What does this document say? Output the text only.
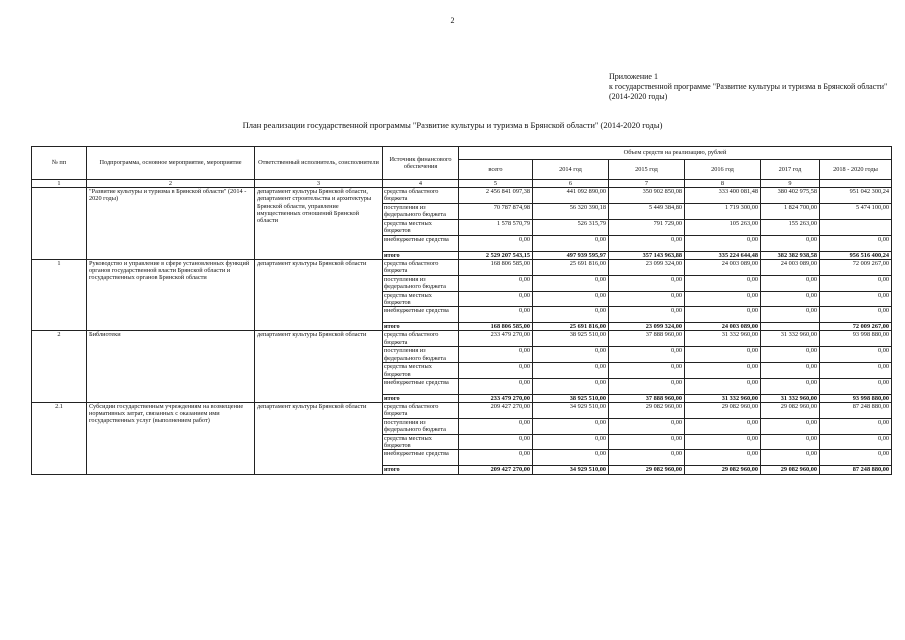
2
Приложение 1
к государственной программе "Развитие культуры и туризма в Брянской области" (2014-2020 годы)
План реализации государственной программы "Развитие культуры и туризма в Брянской области" (2014-2020 годы)
№ пп	Подпрограмма, основное мероприятие, мероприятие	Ответственный исполнитель, соисполнители	Источник финансового обеспечения	Объем средств на реализацию, рублей					
				всего	2014 год	2015 год	2016 год	2017 год	2018 - 2020 годы
1	2	3	4	5	6	7	8	9	
	"Развитие культуры и туризма в Брянской области" (2014 - 2020 годы)	департамент культуры Брянской области, департамент строительства и архитектуры Брянской области, управление имущественных отношений Брянской области	средства областного бюджета	2 456 841 097,38	441 092 890,00	350 902 850,08	333 400 081,48	380 402 975,58	951 042 300,24
			поступления из федерального бюджета	70 787 874,98	56 320 390,18	5 449 384,80	1 719 300,00	1 824 700,00	5 474 100,00
			средства местных бюджетов	1 578 570,79	526 315,79	791 729,00	105 263,00	155 263,00	
			внебюджетные средства	0,00	0,00	0,00	0,00	0,00	0,00
			итого	2 529 207 543,15	497 939 595,97	357 143 963,88	335 224 644,48	382 382 938,58	956 516 400,24
1	Руководство и управление в сфере установленных функций органов государственной власти Брянской области и государственных органов Брянской области	департамент культуры Брянской области	средства областного бюджета	168 806 585,00	25 691 816,00	23 099 324,00	24 003 089,00	24 003 089,00	72 009 267,00
			поступления из федерального бюджета	0,00	0,00	0,00	0,00	0,00	0,00
			средства местных бюджетов	0,00	0,00	0,00	0,00	0,00	0,00
			внебюджетные средства	0,00	0,00	0,00	0,00	0,00	0,00
			итого	168 806 585,00	25 691 816,00	23 099 324,00	24 003 089,00		72 009 267,00
2	Библиотеки	департамент культуры Брянской области	средства областного бюджета	233 479 270,00	38 925 510,00	37 888 960,00	31 332 960,00	31 332 960,00	93 998 880,00
			поступления из федерального бюджета	0,00	0,00	0,00	0,00	0,00	0,00
			средства местных бюджетов	0,00	0,00	0,00	0,00	0,00	0,00
			внебюджетные средства	0,00	0,00	0,00	0,00	0,00	0,00
			итого	233 479 270,00	38 925 510,00	37 888 960,00	31 332 960,00	31 332 960,00	93 998 880,00
2.1	Субсидии государственным учреждениям на возмещение нормативных затрат, связанных с оказанием ими государственных услуг (выполнением работ)	департамент культуры Брянской области	средства областного бюджета	209 427 270,00	34 929 510,00	29 082 960,00	29 082 960,00	29 082 960,00	87 248 880,00
			поступления из федерального бюджета	0,00	0,00	0,00	0,00	0,00	0,00
			средства местных бюджетов	0,00	0,00	0,00	0,00	0,00	0,00
			внебюджетные средства	0,00	0,00	0,00	0,00	0,00	0,00
			итого	209 427 270,00	34 929 510,00	29 082 960,00	29 082 960,00	29 082 960,00	87 248 880,00
